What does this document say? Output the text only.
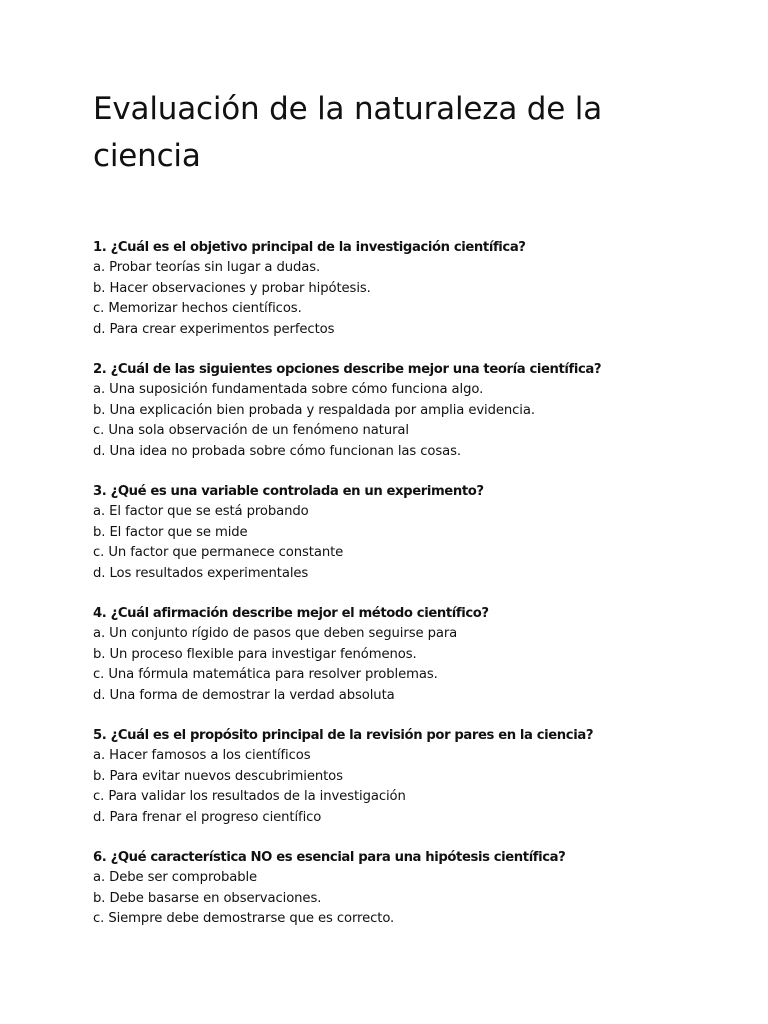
Evaluación de la naturaleza de la
ciencia

1. ¿Cuál es el objetivo principal de la investigación científica?

a. Probar teorías sin lugar a dudas.

b. Hacer observaciones y probar hipótesis.

c. Memorizar hechos científicos.

d. Para crear experimentos perfectos

2. ¿Cuál de las siguientes opciones describe mejor una teoría científica?

a. Una suposición fundamentada sobre cómo funciona algo.

b. Una explicación bien probada y respaldada por amplia evidencia.

c. Una sola observación de un fenómeno natural

d. Una idea no probada sobre cómo funcionan las cosas.

3. ¿Qué es una variable controlada en un experimento?

a. El factor que se está probando

b. El factor que se mide

c. Un factor que permanece constante

d. Los resultados experimentales

4. ¿Cuál afirmación describe mejor el método científico?

a. Un conjunto rígido de pasos que deben seguirse para

b. Un proceso flexible para investigar fenómenos.

c. Una fórmula matemática para resolver problemas.

d. Una forma de demostrar la verdad absoluta

5. ¿Cuál es el propósito principal de la revisión por pares en la ciencia?

a. Hacer famosos a los científicos

b. Para evitar nuevos descubrimientos

c. Para validar los resultados de la investigación

d. Para frenar el progreso científico

6. ¿Qué característica NO es esencial para una hipótesis científica?

a. Debe ser comprobable

b. Debe basarse en observaciones.

c. Siempre debe demostrarse que es correcto.
